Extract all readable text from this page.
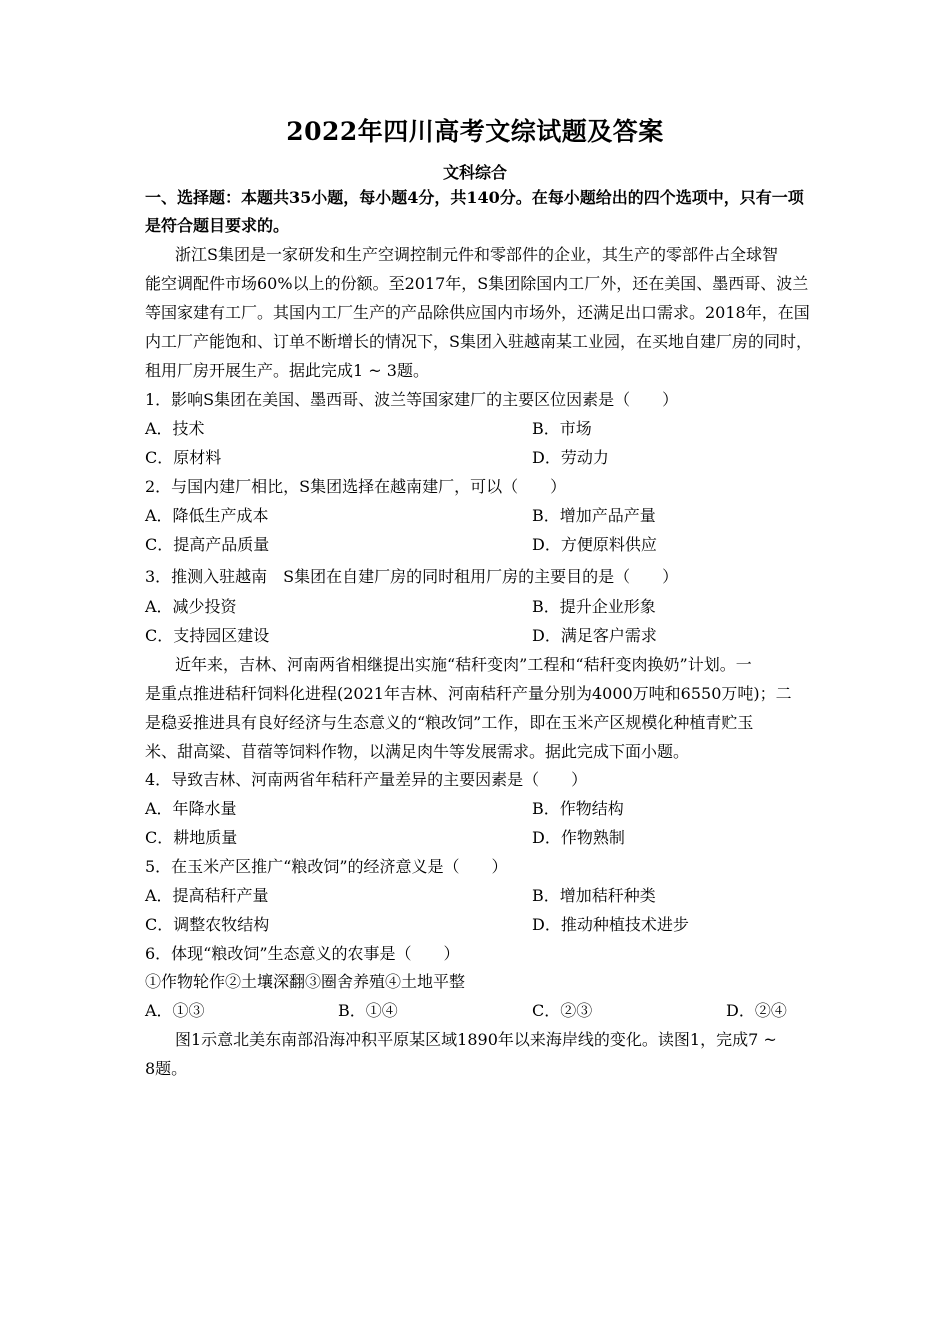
2022年四川高考文综试题及答案
文科综合
一、选择题：本题共35小题，每小题4分，共140分。在每小题给出的四个选项中，只有一项
是符合题目要求的。
浙江S集团是一家研发和生产空调控制元件和零部件的企业，其生产的零部件占全球智
能空调配件市场60%以上的份额。至2017年，S集团除国内工厂外，还在美国、墨西哥、波兰
等国家建有工厂。其国内工厂生产的产品除供应国内市场外，还满足出口需求。2018年，在国
内工厂产能饱和、订单不断增长的情况下，S集团入驻越南某工业园，在买地自建厂房的同时，
租用厂房开展生产。据此完成1 ~ 3题。
1．影响S集团在美国、墨西哥、波兰等国家建厂的主要区位因素是（　　）
A．技术	B．市场
C．原材料	D．劳动力
2．与国内建厂相比，S集团选择在越南建厂，可以（　　）
A．降低生产成本	B．增加产品产量
C．提高产品质量	D．方便原料供应
3．推测入驻越南　S集团在自建厂房的同时租用厂房的主要目的是（　　）
A．减少投资	B．提升企业形象
C．支持园区建设	D．满足客户需求
近年来，吉林、河南两省相继提出实施“秸秆变肉”工程和“秸秆变肉换奶”计划。一
是重点推进秸秆饲料化进程(2021年吉林、河南秸秆产量分别为4000万吨和6550万吨)；二
是稳妥推进具有良好经济与生态意义的“粮改饲”工作，即在玉米产区规模化种植青贮玉
米、甜高粱、苜蓿等饲料作物，以满足肉牛等发展需求。据此完成下面小题。
4．导致吉林、河南两省年秸秆产量差异的主要因素是（　　）
A．年降水量	B．作物结构
C．耕地质量	D．作物熟制
5．在玉米产区推广“粮改饲”的经济意义是（　　）
A．提高秸秆产量	B．增加秸秆种类
C．调整农牧结构	D．推动种植技术进步
6．体现“粮改饲”生态意义的农事是（　　）
①作物轮作②土壤深翻③圈舍养殖④土地平整
A．①③	B．①④	C．②③	D．②④
图1示意北美东南部沿海冲积平原某区域1890年以来海岸线的变化。读图1，完成7 ~
8题。
